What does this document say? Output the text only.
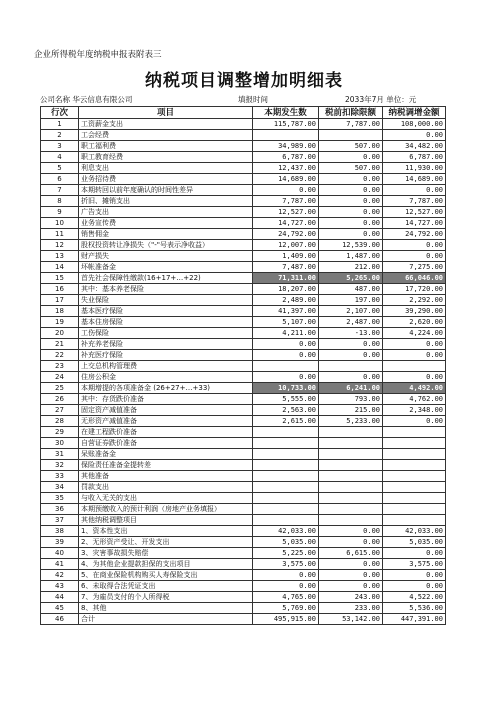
企业所得税年度纳税申报表附表三
纳税项目调整增加明细表
公司名称 华云信息有限公司	填报时间	2033年7月 单位：元
行次	项目	本期发生数	税前扣除限额	纳税调增金额
1	工资薪金支出	115,787.00	7,787.00	108,000.00
2	工会经费			0.00
3	职工福利费	34,989.00	507.00	34,482.00
4	职工教育经费	6,787.00	0.00	6,787.00
5	利息支出	12,437.00	507.00	11,930.00
6	业务招待费	14,689.00	0.00	14,689.00
7	本期转回以前年度确认的时间性差异	0.00	0.00	0.00
8	折旧、摊销支出	7,787.00	0.00	7,787.00
9	广告支出	12,527.00	0.00	12,527.00
10	业务宣传费	14,727.00	0.00	14,727.00
11	销售佣金	24,792.00	0.00	24,792.00
12	股权投资转让净损失（"-"号表示净收益）	12,007.00	12,539.00	0.00
13	财产损失	1,409.00	1,487.00	0.00
14	坏帐准备金	7,487.00	212.00	7,275.00
15	首先社会保障性缴款(16+17+…+22)	71,311.00	5,265.00	66,046.00
16	其中：基本养老保险	18,207.00	487.00	17,720.00
17	失业保险	2,489.00	197.00	2,292.00
18	基本医疗保险	41,397.00	2,107.00	39,290.00
19	基本住房保险	5,107.00	2,487.00	2,620.00
20	工伤保险	4,211.00	-13.00	4,224.00
21	补充养老保险	0.00	0.00	0.00
22	补充医疗保险	0.00	0.00	0.00
23	上交总机构管理费			
24	住房公积金	0.00	0.00	0.00
25	本期增提的各项准备金 (26+27+…+33)	10,733.00	6,241.00	4,492.00
26	其中：存货跌价准备	5,555.00	793.00	4,762.00
27	固定资产减值准备	2,563.00	215.00	2,348.00
28	无形资产减值准备	2,615.00	5,233.00	0.00
29	在建工程跌价准备			
30	自营证券跌价准备			
31	呆账准备金			
32	保险责任准备金提转差			
33	其他准备			
34	罚款支出			
35	与收入无关的支出			
36	本期预缴收入的预计利润（房地产业务填报）			
37	其他纳税调整项目			
38	1、资本性支出	42,033.00	0.00	42,033.00
39	2、无形资产受让、开发支出	5,035.00	0.00	5,035.00
40	3、灾害事故损失赔偿	5,225.00	6,615.00	0.00
41	4、为其他企业提款担保的支出项目	3,575.00	0.00	3,575.00
42	5、在商业保险机构购买人寿保险支出	0.00	0.00	0.00
43	6、未取得合法凭证支出	0.00	0.00	0.00
44	7、为雇员支付的个人所得税	4,765.00	243.00	4,522.00
45	8、其他	5,769.00	233.00	5,536.00
46	合计	495,915.00	53,142.00	447,391.00
